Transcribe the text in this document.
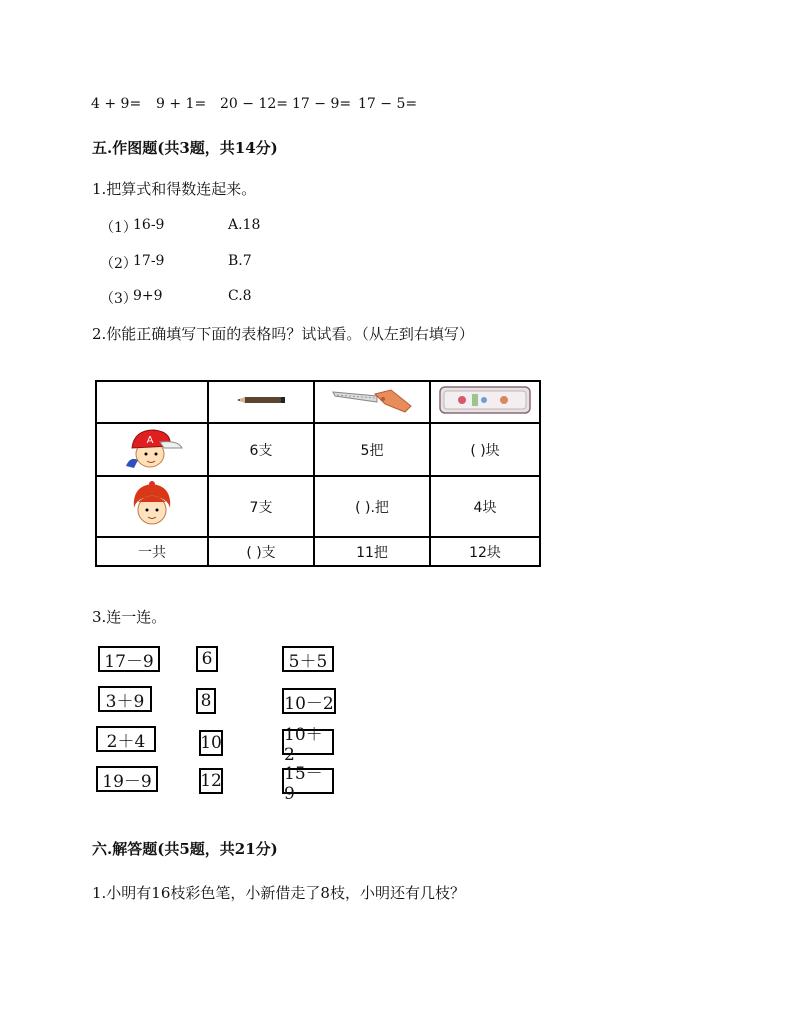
4 + 9= 9 + 1= 20 − 12= 17 − 9= 17 − 5=
五.作图题(共3题，共14分)
1.把算式和得数连起来。
（1）
16-9	A.18
（2）
17-9	B.7
（3）
9+9	C.8
2.你能正确填写下面的表格吗？试试看。（从左到右填写）

A	6支	5把	( )块
	7支	( ).把	4块
一共	( )支	11把	12块
3.连一连。
17－9
3＋9
2＋4
19－9
6
8
10
12
5＋5
10－2
10＋2
15－9
六.解答题(共5题，共21分)
1.小明有16枝彩色笔，小新借走了8枝，小明还有几枝？
